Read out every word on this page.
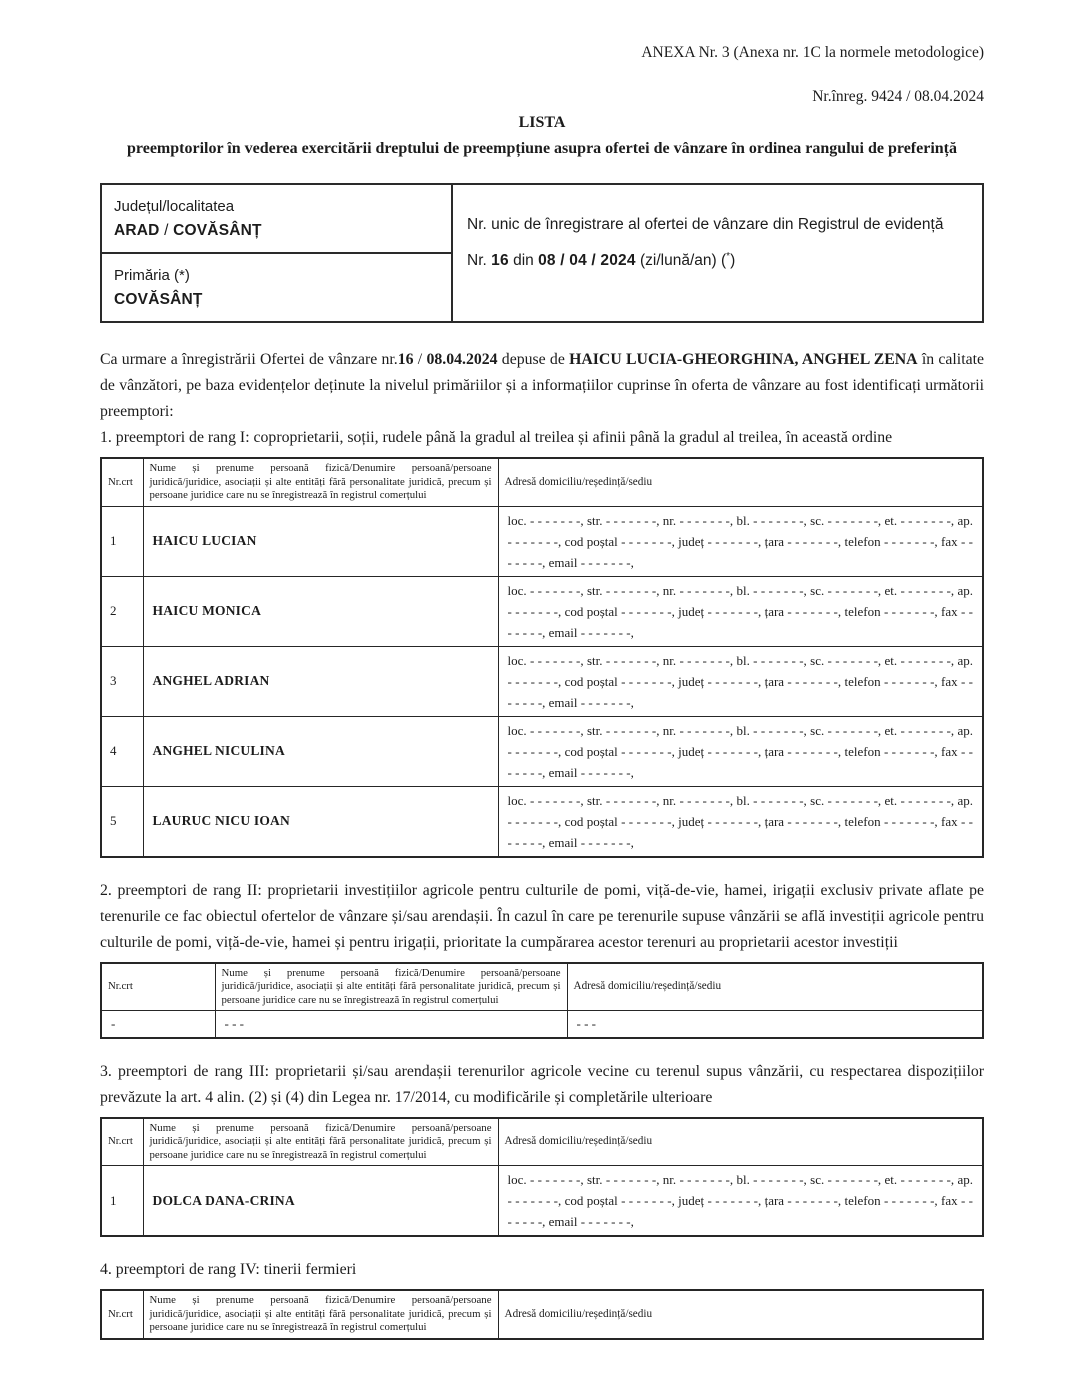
ANEXA Nr. 3 (Anexa nr. 1C la normele metodologice)
Nr.înreg. 9424 / 08.04.2024
LISTA
preemptorilor în vederea exercitării dreptului de preempțiune asupra ofertei de vânzare în ordinea rangului de preferință
Județul/localitatea
ARAD / COVĂSÂNȚ	Nr. unic de înregistrare al ofertei de vânzare din Registrul de evidență
Nr. 16 din 08 / 04 / 2024 (zi/lună/an) (*)

Primăria (*)
COVĂSÂNȚ

Ca urmare a înregistrării Ofertei de vânzare nr.16 / 08.04.2024 depuse de HAICU LUCIA-GHEORGHINA, ANGHEL ZENA în calitate de vânzători, pe baza evidențelor deținute la nivelul primăriilor și a informațiilor cuprinse în oferta de vânzare au fost identificați următorii preemptori:

1. preemptori de rang I: coproprietarii, soții, rudele până la gradul al treilea și afinii până la gradul al treilea, în această ordine

Nr.crt	Nume și prenume persoană fizică/Denumire persoană/persoane juridică/juridice, asociații și alte entități fără personalitate juridică, precum și persoane juridice care nu se înregistrează în registrul comerțului	Adresă domiciliu/reședință/sediu
1	HAICU LUCIAN	loc. - - - - - - -, str. - - - - - - -, nr. - - - - - - -, bl. - - - - - - -, sc. - - - - - - -, et. - - - - - - -, ap. - - - - - - -, cod poștal - - - - - - -, județ - - - - - - -, țara - - - - - - -, telefon - - - - - - -, fax - - - - - - -, email - - - - - - -,
2	HAICU MONICA	loc. - - - - - - -, str. - - - - - - -, nr. - - - - - - -, bl. - - - - - - -, sc. - - - - - - -, et. - - - - - - -, ap. - - - - - - -, cod poștal - - - - - - -, județ - - - - - - -, țara - - - - - - -, telefon - - - - - - -, fax - - - - - - -, email - - - - - - -,
3	ANGHEL ADRIAN	loc. - - - - - - -, str. - - - - - - -, nr. - - - - - - -, bl. - - - - - - -, sc. - - - - - - -, et. - - - - - - -, ap. - - - - - - -, cod poștal - - - - - - -, județ - - - - - - -, țara - - - - - - -, telefon - - - - - - -, fax - - - - - - -, email - - - - - - -,
4	ANGHEL NICULINA	loc. - - - - - - -, str. - - - - - - -, nr. - - - - - - -, bl. - - - - - - -, sc. - - - - - - -, et. - - - - - - -, ap. - - - - - - -, cod poștal - - - - - - -, județ - - - - - - -, țara - - - - - - -, telefon - - - - - - -, fax - - - - - - -, email - - - - - - -,
5	LAURUC NICU IOAN	loc. - - - - - - -, str. - - - - - - -, nr. - - - - - - -, bl. - - - - - - -, sc. - - - - - - -, et. - - - - - - -, ap. - - - - - - -, cod poștal - - - - - - -, județ - - - - - - -, țara - - - - - - -, telefon - - - - - - -, fax - - - - - - -, email - - - - - - -,

2. preemptori de rang II: proprietarii investițiilor agricole pentru culturile de pomi, viță-de-vie, hamei, irigații exclusiv private aflate pe terenurile ce fac obiectul ofertelor de vânzare și/sau arendașii. În cazul în care pe terenurile supuse vânzării se află investiții agricole pentru culturile de pomi, viță-de-vie, hamei și pentru irigații, prioritate la cumpărarea acestor terenuri au proprietarii acestor investiții

Nr.crt	Nume și prenume persoană fizică/Denumire persoană/persoane juridică/juridice, asociații și alte entități fără personalitate juridică, precum și persoane juridice care nu se înregistrează în registrul comerțului	Adresă domiciliu/reședință/sediu
-	- - -	- - -

3. preemptori de rang III: proprietarii și/sau arendașii terenurilor agricole vecine cu terenul supus vânzării, cu respectarea dispozițiilor prevăzute la art. 4 alin. (2) și (4) din Legea nr. 17/2014, cu modificările și completările ulterioare

Nr.crt	Nume și prenume persoană fizică/Denumire persoană/persoane juridică/juridice, asociații și alte entități fără personalitate juridică, precum și persoane juridice care nu se înregistrează în registrul comerțului	Adresă domiciliu/reședință/sediu
1	DOLCA DANA-CRINA	loc. - - - - - - -, str. - - - - - - -, nr. - - - - - - -, bl. - - - - - - -, sc. - - - - - - -, et. - - - - - - -, ap. - - - - - - -, cod poștal - - - - - - -, județ - - - - - - -, țara - - - - - - -, telefon - - - - - - -, fax - - - - - - -, email - - - - - - -,

4. preemptori de rang IV: tinerii fermieri

Nr.crt	Nume și prenume persoană fizică/Denumire persoană/persoane juridică/juridice, asociații și alte entități fără personalitate juridică, precum și persoane juridice care nu se înregistrează în registrul comerțului	Adresă domiciliu/reședință/sediu
